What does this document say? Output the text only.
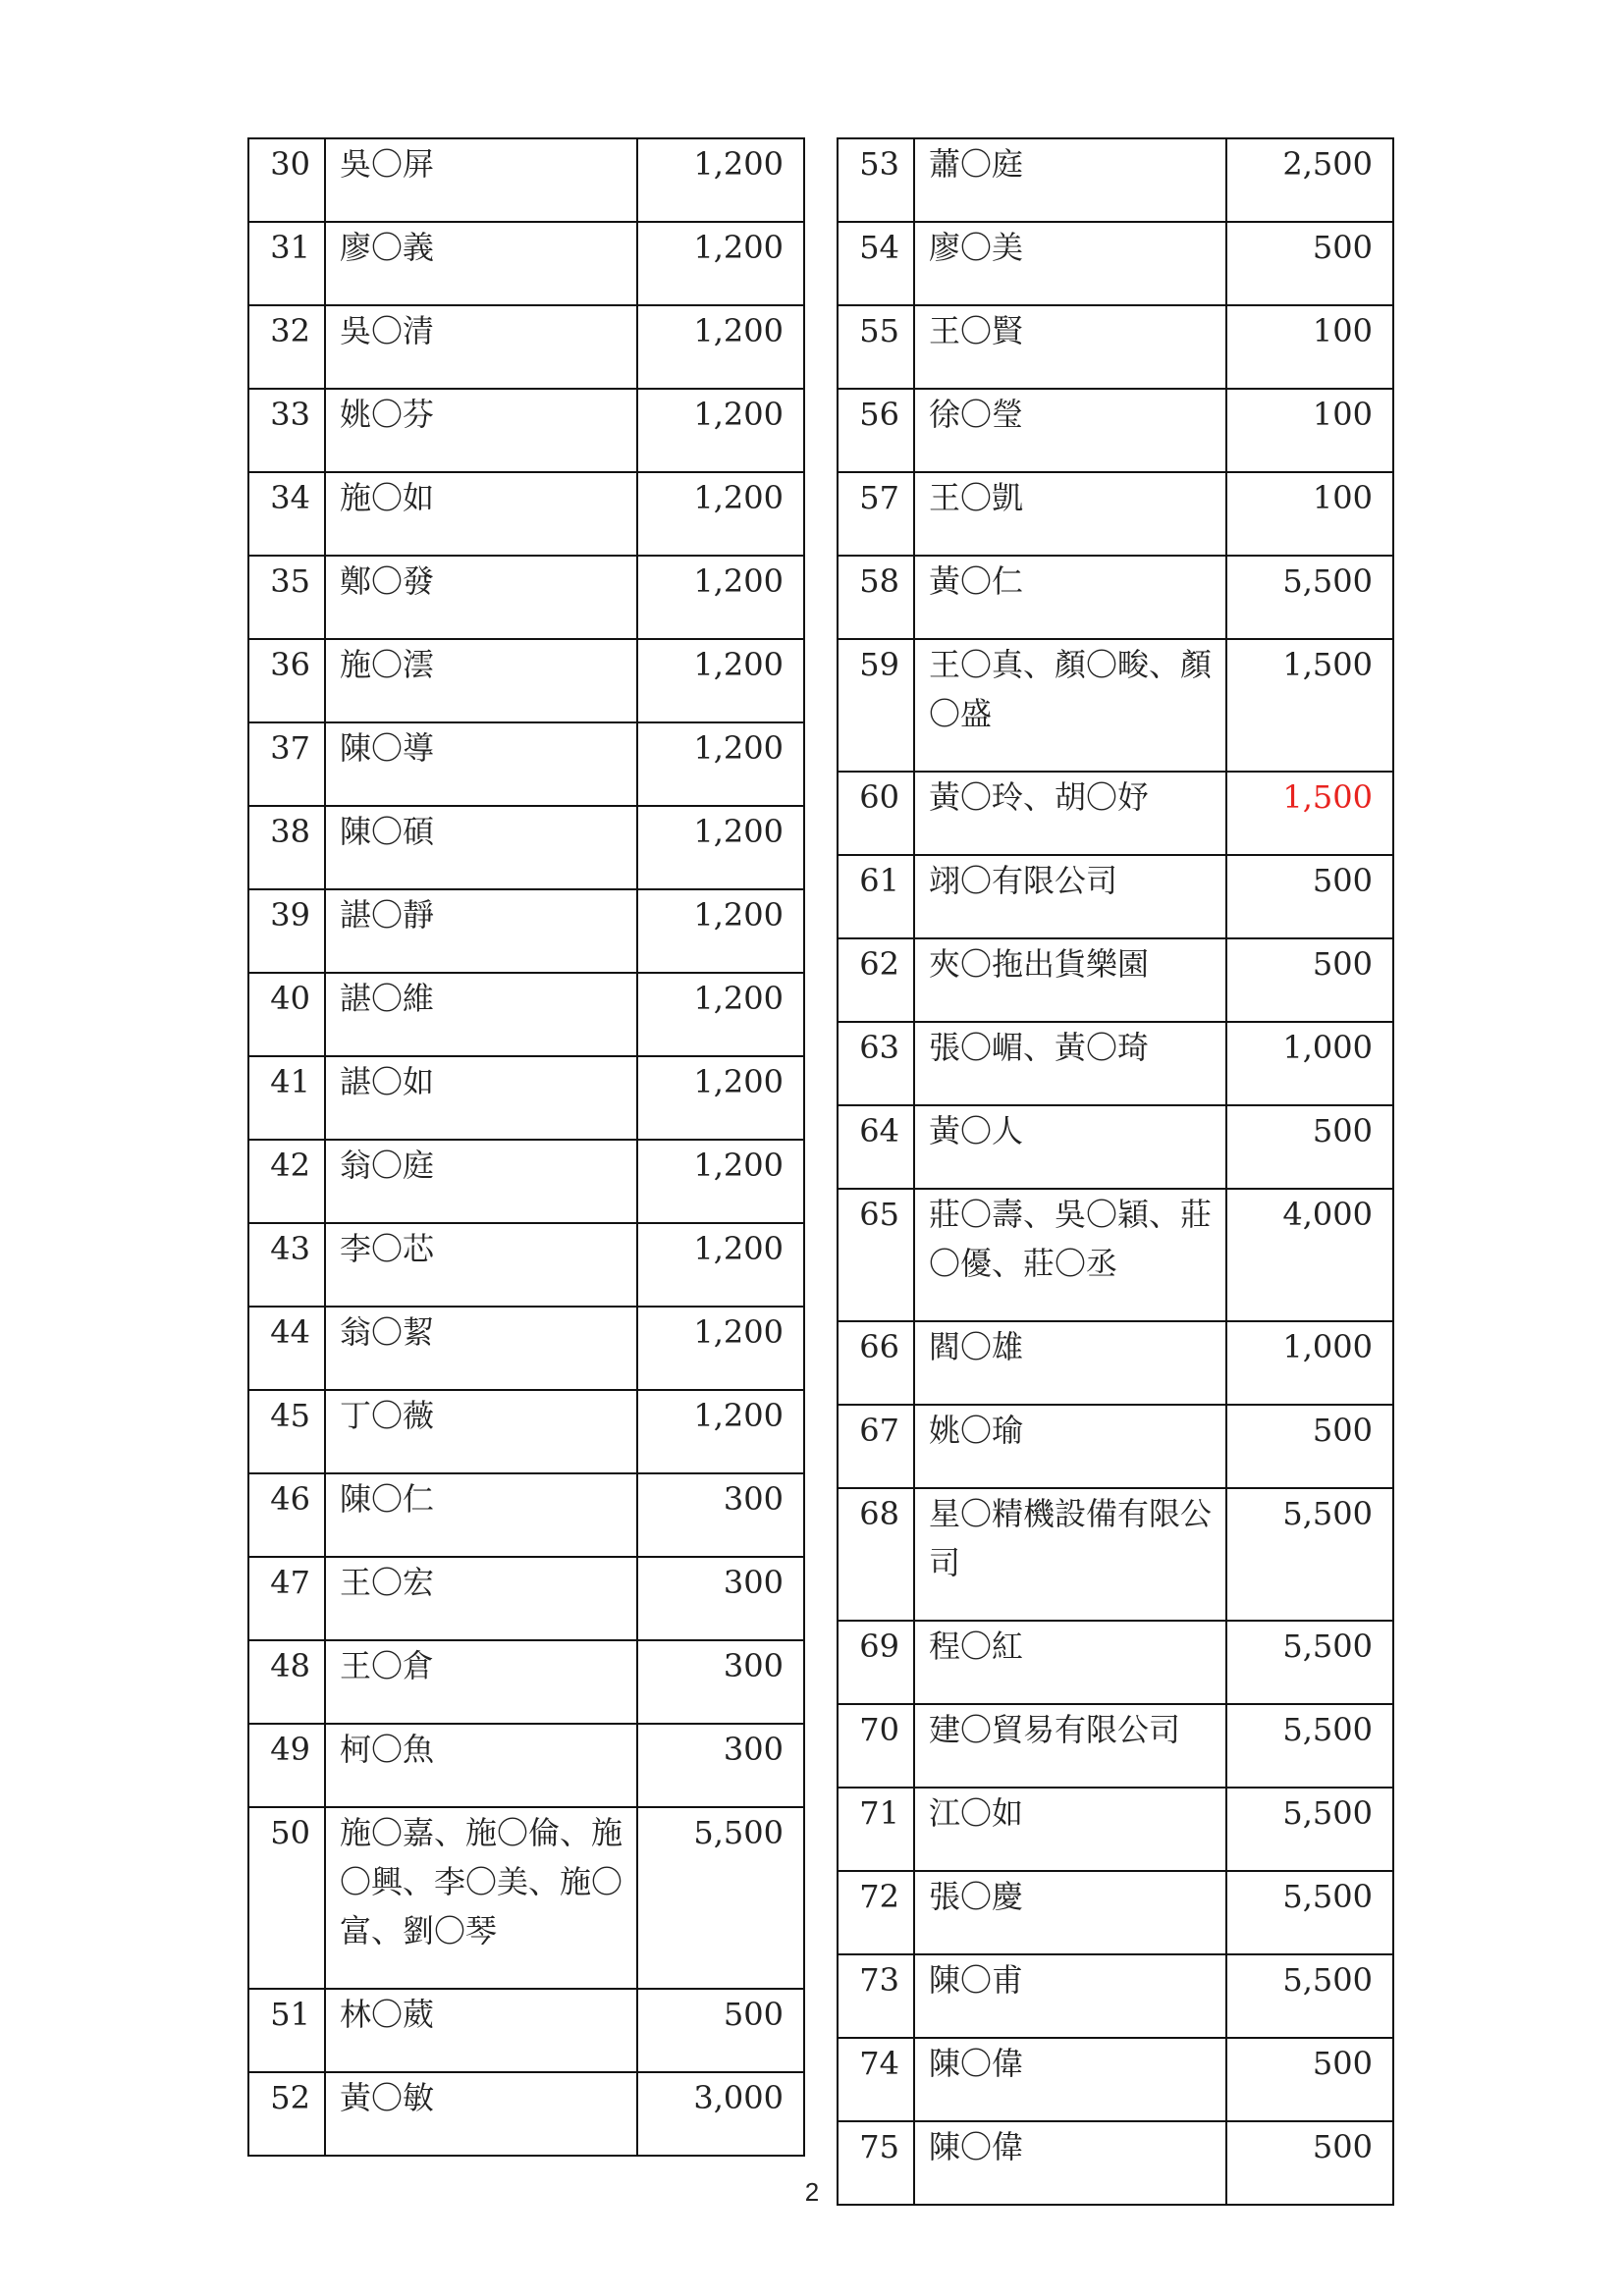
30	吳〇屏	1,200
31	廖〇義	1,200
32	吳〇清	1,200
33	姚〇芬	1,200
34	施〇如	1,200
35	鄭〇發	1,200
36	施〇澐	1,200
37	陳〇導	1,200
38	陳〇碩	1,200
39	諶〇靜	1,200
40	諶〇維	1,200
41	諶〇如	1,200
42	翁〇庭	1,200
43	李〇芯	1,200
44	翁〇絜	1,200
45	丁〇薇	1,200
46	陳〇仁	300
47	王〇宏	300
48	王〇倉	300
49	柯〇魚	300
50	施〇嘉、施〇倫、施〇興、李〇美、施〇富、劉〇琴	5,500
51	林〇葳	500
52	黃〇敏	3,000
53	蕭〇庭	2,500
54	廖〇美	500
55	王〇賢	100
56	徐〇瑩	100
57	王〇凱	100
58	黃〇仁	5,500
59	王〇真、顏〇畯、顏〇盛	1,500
60	黃〇玲、胡〇妤	1,500
61	翊〇有限公司	500
62	夾〇拖出貨樂園	500
63	張〇嵋、黃〇琦	1,000
64	黃〇人	500
65	莊〇壽、吳〇穎、莊〇優、莊〇丞	4,000
66	閻〇雄	1,000
67	姚〇瑜	500
68	星〇精機設備有限公司	5,500
69	程〇紅	5,500
70	建〇貿易有限公司	5,500
71	江〇如	5,500
72	張〇慶	5,500
73	陳〇甫	5,500
74	陳〇偉	500
75	陳〇偉	500
2
